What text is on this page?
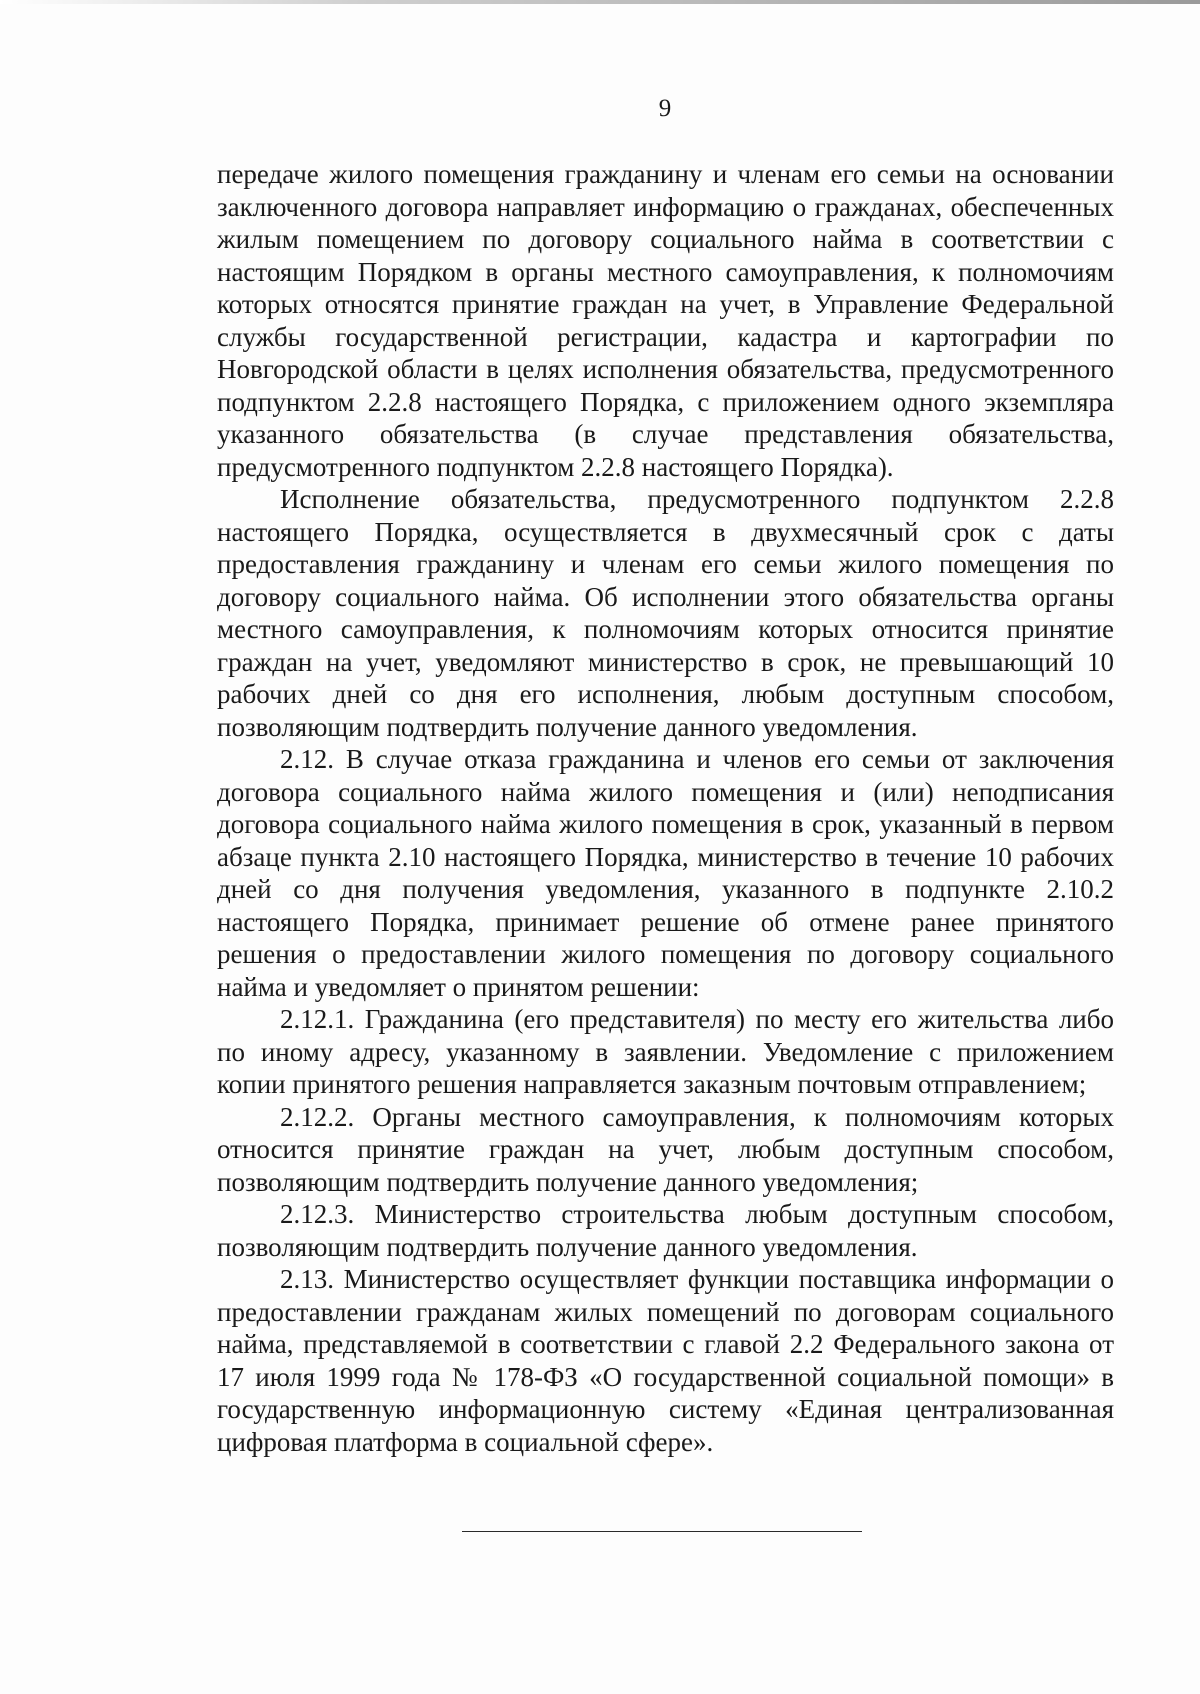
9

передаче жилого помещения гражданину и членам его семьи на основании заключенного договора направляет информацию о гражданах, обеспеченных жилым помещением по договору социального найма в соответствии с настоящим Порядком в органы местного самоуправления, к полномочиям которых относятся принятие граждан на учет, в Управление Федеральной службы государственной регистрации, кадастра и картографии по Новгородской области в целях исполнения обязательства, предусмотренного подпунктом 2.2.8 настоящего Порядка, с приложением одного экземпляра указанного обязательства (в случае представления обязательства, предусмотренного подпунктом 2.2.8 настоящего Порядка).

Исполнение обязательства, предусмотренного подпунктом 2.2.8 настоящего Порядка, осуществляется в двухмесячный срок с даты предоставления гражданину и членам его семьи жилого помещения по договору социального найма. Об исполнении этого обязательства органы местного самоуправления, к полномочиям которых относится принятие граждан на учет, уведомляют министерство в срок, не превышающий 10 рабочих дней со дня его исполнения, любым доступным способом, позволяющим подтвердить получение данного уведомления.

2.12. В случае отказа гражданина и членов его семьи от заключения договора социального найма жилого помещения и (или) неподписания договора социального найма жилого помещения в срок, указанный в первом абзаце пункта 2.10 настоящего Порядка, министерство в течение 10 рабочих дней со дня получения уведомления, указанного в подпункте 2.10.2 настоящего Порядка, принимает решение об отмене ранее принятого решения о предоставлении жилого помещения по договору социального найма и уведомляет о принятом решении:

2.12.1. Гражданина (его представителя) по месту его жительства либо по иному адресу, указанному в заявлении. Уведомление с приложением копии принятого решения направляется заказным почтовым отправлением;

2.12.2. Органы местного самоуправления, к полномочиям которых относится принятие граждан на учет, любым доступным способом, позволяющим подтвердить получение данного уведомления;

2.12.3. Министерство строительства любым доступным способом, позволяющим подтвердить получение данного уведомления.

2.13. Министерство осуществляет функции поставщика информации о предоставлении гражданам жилых помещений по договорам социального найма, представляемой в соответствии с главой 2.2 Федерального закона от 17 июля 1999 года № 178-ФЗ «О государственной социальной помощи» в государственную информационную систему «Единая централизованная цифровая платформа в социальной сфере».
